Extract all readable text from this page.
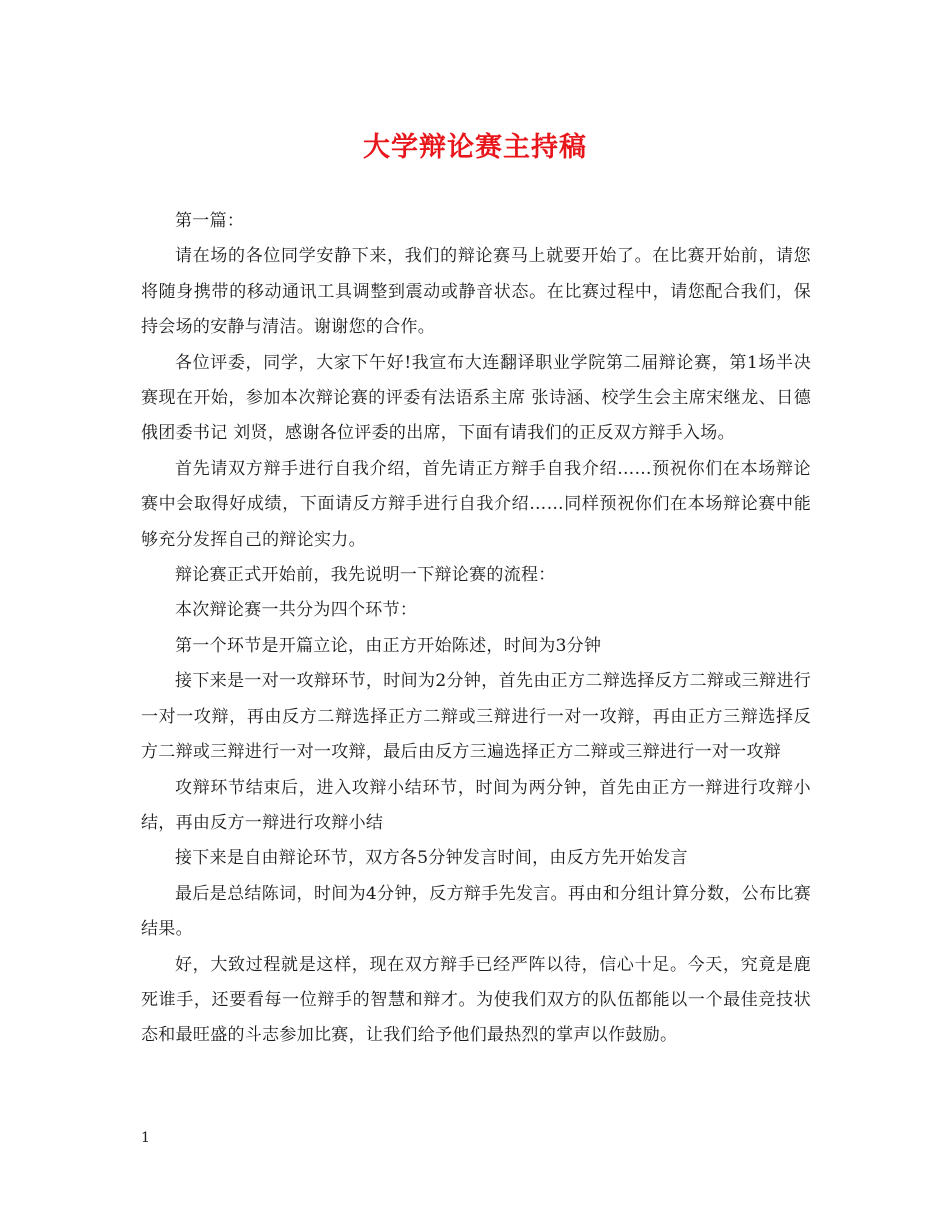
大学辩论赛主持稿

第一篇：

请在场的各位同学安静下来，我们的辩论赛马上就要开始了。在比赛开始前，请您将随身携带的移动通讯工具调整到震动或静音状态。在比赛过程中，请您配合我们，保持会场的安静与清洁。谢谢您的合作。

各位评委，同学，大家下午好!我宣布大连翻译职业学院第二届辩论赛，第1场半决赛现在开始，参加本次辩论赛的评委有法语系主席 张诗涵、校学生会主席宋继龙、日德俄团委书记 刘贤，感谢各位评委的出席，下面有请我们的正反双方辩手入场。

首先请双方辩手进行自我介绍，首先请正方辩手自我介绍……预祝你们在本场辩论赛中会取得好成绩，下面请反方辩手进行自我介绍……同样预祝你们在本场辩论赛中能够充分发挥自己的辩论实力。

辩论赛正式开始前，我先说明一下辩论赛的流程：

本次辩论赛一共分为四个环节：

第一个环节是开篇立论，由正方开始陈述，时间为3分钟

接下来是一对一攻辩环节，时间为2分钟，首先由正方二辩选择反方二辩或三辩进行一对一攻辩，再由反方二辩选择正方二辩或三辩进行一对一攻辩，再由正方三辩选择反方二辩或三辩进行一对一攻辩，最后由反方三遍选择正方二辩或三辩进行一对一攻辩

攻辩环节结束后，进入攻辩小结环节，时间为两分钟，首先由正方一辩进行攻辩小结，再由反方一辩进行攻辩小结

接下来是自由辩论环节，双方各5分钟发言时间，由反方先开始发言

最后是总结陈词，时间为4分钟，反方辩手先发言。再由和分组计算分数，公布比赛结果。

好，大致过程就是这样，现在双方辩手已经严阵以待，信心十足。今天，究竟是鹿死谁手，还要看每一位辩手的智慧和辩才。为使我们双方的队伍都能以一个最佳竞技状态和最旺盛的斗志参加比赛，让我们给予他们最热烈的掌声以作鼓励。

1
